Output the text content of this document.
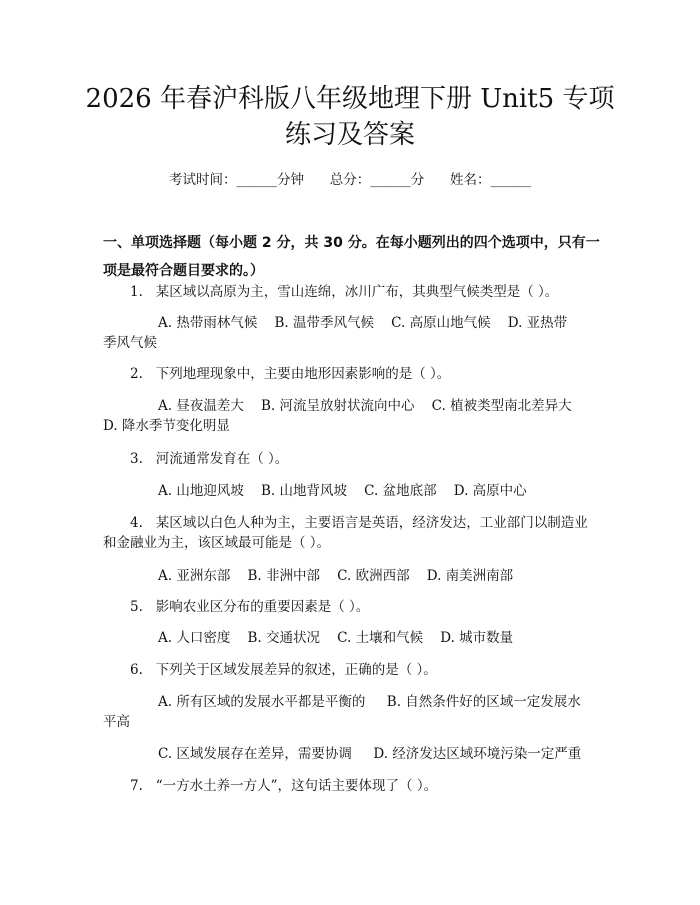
2026 年春沪科版八年级地理下册 Unit5 专项
练习及答案
考试时间：______分钟      总分：______分      姓名：______
一、单项选择题（每小题 2 分，共 30 分。在每小题列出的四个选项中，只有一项是最符合题目要求的。）
1.   某区域以高原为主，雪山连绵，冰川广布，其典型气候类型是（ ）。
A. 热带雨林气候    B. 温带季风气候    C. 高原山地气候    D. 亚热带
季风气候
2.   下列地理现象中，主要由地形因素影响的是（ ）。
A. 昼夜温差大    B. 河流呈放射状流向中心    C. 植被类型南北差异大
D. 降水季节变化明显
3.   河流通常发育在（ ）。
A. 山地迎风坡    B. 山地背风坡    C. 盆地底部    D. 高原中心
4.   某区域以白色人种为主，主要语言是英语，经济发达，工业部门以制造业
和金融业为主，该区域最可能是（ ）。
A. 亚洲东部    B. 非洲中部    C. 欧洲西部    D. 南美洲南部
5.   影响农业区分布的重要因素是（ ）。
A. 人口密度    B. 交通状况    C. 土壤和气候    D. 城市数量
6.   下列关于区域发展差异的叙述，正确的是（ ）。
A. 所有区域的发展水平都是平衡的     B. 自然条件好的区域一定发展水
平高
C. 区域发展存在差异，需要协调     D. 经济发达区域环境污染一定严重
7.   “一方水土养一方人”，这句话主要体现了（ ）。
